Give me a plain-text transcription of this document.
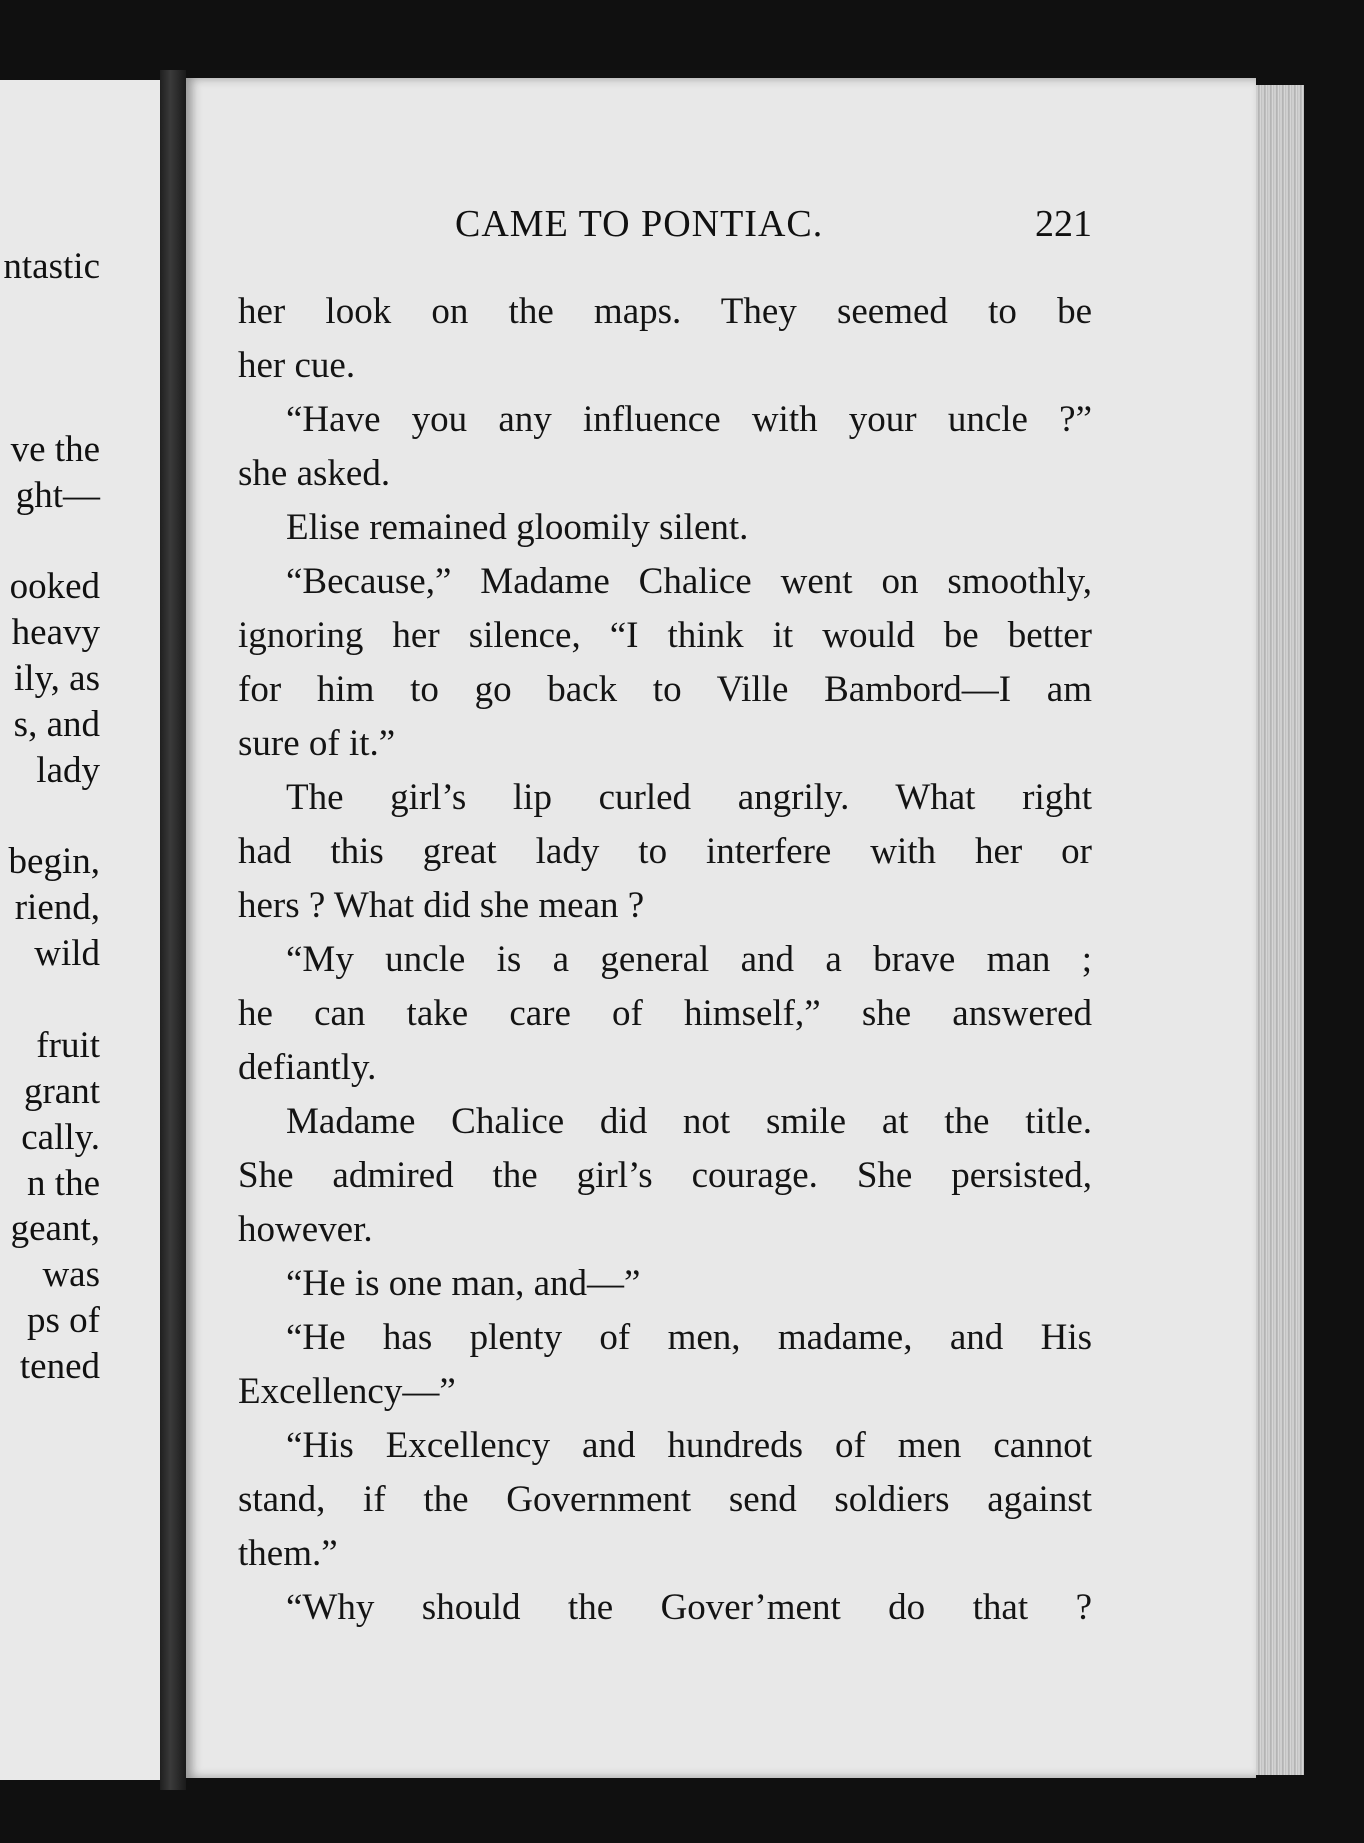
ntastic
ve the
ght—
ooked
heavy
ily, as
s, and
lady
begin,
riend,
wild
fruit
grant
cally.
n the
geant,
was
ps of
tened
CAME TO PONTIAC.	221
her look on the maps. They seemed to be
her cue.
“Have you any influence with your uncle ?”
she asked.
Elise remained gloomily silent.
“Because,” Madame Chalice went on smoothly,
ignoring her silence, “I think it would be better
for him to go back to Ville Bambord—I am
sure of it.”
The girl’s lip curled angrily. What right
had this great lady to interfere with her or
hers ? What did she mean ?
“My uncle is a general and a brave man ;
he can take care of himself,” she answered
defiantly.
Madame Chalice did not smile at the title.
She admired the girl’s courage. She persisted,
however.
“He is one man, and—”
“He has plenty of men, madame, and His
Excellency—”
“His Excellency and hundreds of men cannot
stand, if the Government send soldiers against
them.”
“Why should the Gover’ment do that ?
